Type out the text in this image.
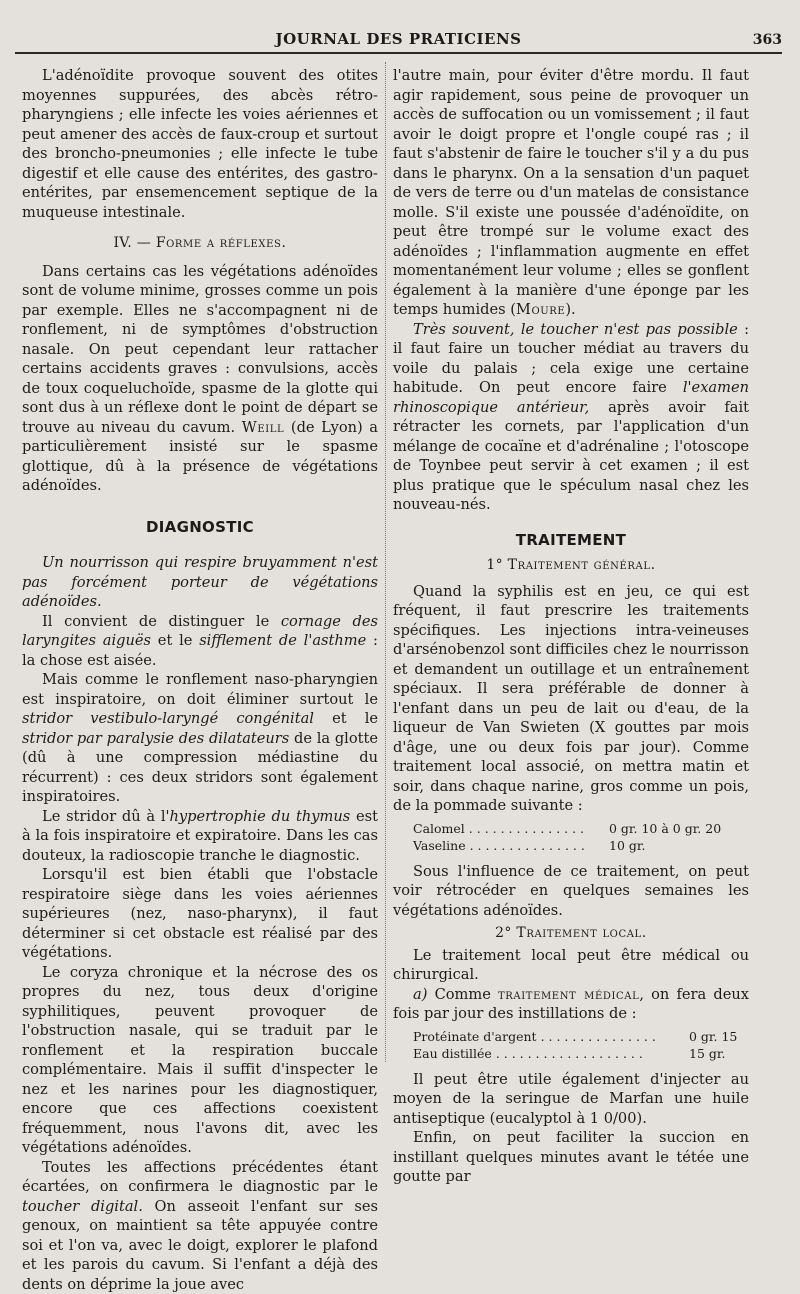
JOURNAL DES PRATICIENS	363

L'adénoïdite provoque souvent des otites moyennes suppurées, des abcès rétro-pharyngiens ; elle infecte les voies aériennes et peut amener des accès de faux-croup et surtout des broncho-pneumonies ; elle infecte le tube digestif et elle cause des entérites, des gastro-entérites, par ensemencement septique de la muqueuse intestinale.

IV. — Forme a réflexes.

Dans certains cas les végétations adénoïdes sont de volume minime, grosses comme un pois par exemple. Elles ne s'accompagnent ni de ronflement, ni de symptômes d'obstruction nasale. On peut cependant leur rattacher certains accidents graves : convulsions, accès de toux coqueluchoïde, spasme de la glotte qui sont dus à un réflexe dont le point de départ se trouve au niveau du cavum. Weill (de Lyon) a particulièrement insisté sur le spasme glottique, dû à la présence de végétations adénoïdes.

DIAGNOSTIC

Un nourrisson qui respire bruyamment n'est pas forcément porteur de végétations adénoïdes.

Il convient de distinguer le cornage des laryngites aiguës et le sifflement de l'asthme : la chose est aisée.

Mais comme le ronflement naso-pharyngien est inspiratoire, on doit éliminer surtout le stridor vestibulo-laryngé congénital et le stridor par paralysie des dilatateurs de la glotte (dû à une compression médiastine du récurrent) : ces deux stridors sont également inspiratoires.

Le stridor dû à l'hypertrophie du thymus est à la fois inspiratoire et expiratoire. Dans les cas douteux, la radioscopie tranche le diagnostic.

Lorsqu'il est bien établi que l'obstacle respiratoire siège dans les voies aériennes supérieures (nez, naso-pharynx), il faut déterminer si cet obstacle est réalisé par des végétations.

Le coryza chronique et la nécrose des os propres du nez, tous deux d'origine syphilitiques, peuvent provoquer de l'obstruction nasale, qui se traduit par le ronflement et la respiration buccale complémentaire. Mais il suffit d'inspecter le nez et les narines pour les diagnostiquer, encore que ces affections coexistent fréquemment, nous l'avons dit, avec les végétations adénoïdes.

Toutes les affections précédentes étant écartées, on confirmera le diagnostic par le toucher digital. On asseoit l'enfant sur ses genoux, on maintient sa tête appuyée contre soi et l'on va, avec le doigt, explorer le plafond et les parois du cavum. Si l'enfant a déjà des dents on déprime la joue avec

l'autre main, pour éviter d'être mordu. Il faut agir rapidement, sous peine de provoquer un accès de suffocation ou un vomissement ; il faut avoir le doigt propre et l'ongle coupé ras ; il faut s'abstenir de faire le toucher s'il y a du pus dans le pharynx. On a la sensation d'un paquet de vers de terre ou d'un matelas de consistance molle. S'il existe une poussée d'adénoïdite, on peut être trompé sur le volume exact des adénoïdes ; l'inflammation augmente en effet momentanément leur volume ; elles se gonflent également à la manière d'une éponge par les temps humides (Moure).

Très souvent, le toucher n'est pas possible : il faut faire un toucher médiat au travers du voile du palais ; cela exige une certaine habitude. On peut encore faire l'examen rhinoscopique antérieur, après avoir fait rétracter les cornets, par l'application d'un mélange de cocaïne et d'adrénaline ; l'otoscope de Toynbee peut servir à cet examen ; il est plus pratique que le spéculum nasal chez les nouveau-nés.

TRAITEMENT

1° Traitement général.

Quand la syphilis est en jeu, ce qui est fréquent, il faut prescrire les traitements spécifiques. Les injections intra-veineuses d'arsénobenzol sont difficiles chez le nourrisson et demandent un outillage et un entraînement spéciaux. Il sera préférable de donner à l'enfant dans un peu de lait ou d'eau, de la liqueur de Van Swieten (X gouttes par mois d'âge, une ou deux fois par jour). Comme traitement local associé, on mettra matin et soir, dans chaque narine, gros comme un pois, de la pommade suivante :

Calomel . . . . . . . . . . . . . . .	0 gr. 10 à 0 gr. 20
Vaseline . . . . . . . . . . . . . . .	10 gr.

Sous l'influence de ce traitement, on peut voir rétrocéder en quelques semaines les végétations adénoïdes.

2° Traitement local.

Le traitement local peut être médical ou chirurgical.

a) Comme traitement médical, on fera deux fois par jour des instillations de :

Protéinate d'argent . . . . . . . . . . . . . . .	0 gr. 15
Eau distillée . . . . . . . . . . . . . . . . . . .	15 gr.

Il peut être utile également d'injecter au moyen de la seringue de Marfan une huile antiseptique (eucalyptol à 1 0/00).

Enfin, on peut faciliter la succion en instillant quelques minutes avant le tétée une goutte par
